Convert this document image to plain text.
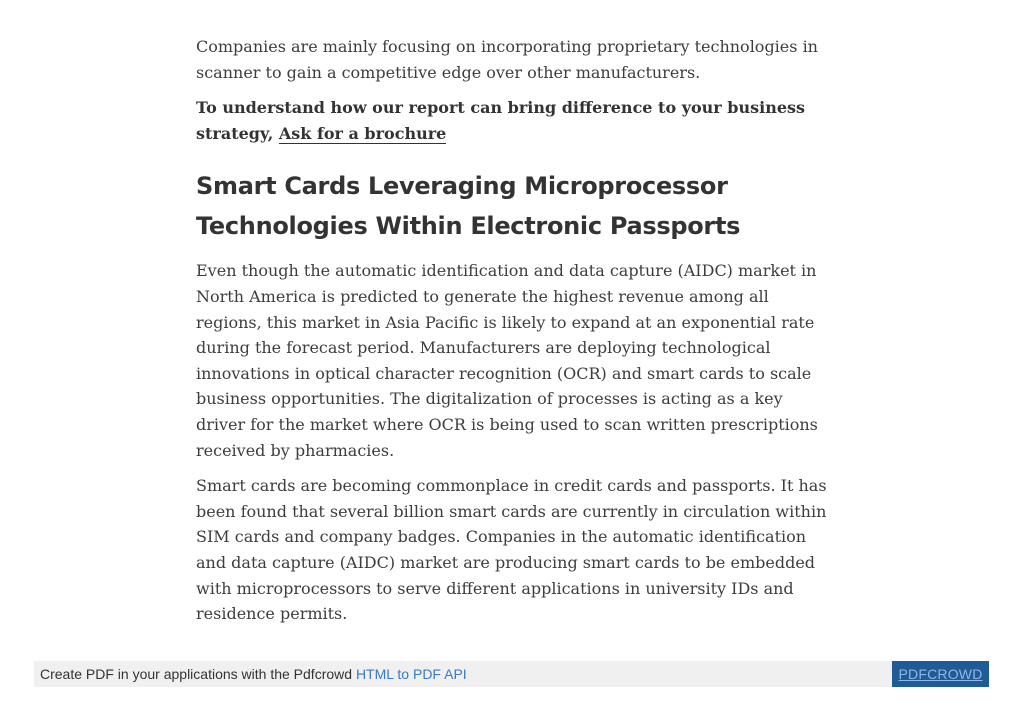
Companies are mainly focusing on incorporating proprietary technologies in scanner to gain a competitive edge over other manufacturers.

To understand how our report can bring difference to your business strategy, Ask for a brochure

Smart Cards Leveraging Microprocessor Technologies Within Electronic Passports

Even though the automatic identification and data capture (AIDC) market in North America is predicted to generate the highest revenue among all regions, this market in Asia Pacific is likely to expand at an exponential rate during the forecast period. Manufacturers are deploying technological innovations in optical character recognition (OCR) and smart cards to scale business opportunities. The digitalization of processes is acting as a key driver for the market where OCR is being used to scan written prescriptions received by pharmacies.

Smart cards are becoming commonplace in credit cards and passports. It has been found that several billion smart cards are currently in circulation within SIM cards and company badges. Companies in the automatic identification and data capture (AIDC) market are producing smart cards to be embedded with microprocessors to serve different applications in university IDs and residence permits.

Create PDF in your applications with the Pdfcrowd HTML to PDF API	PDFCROWD
